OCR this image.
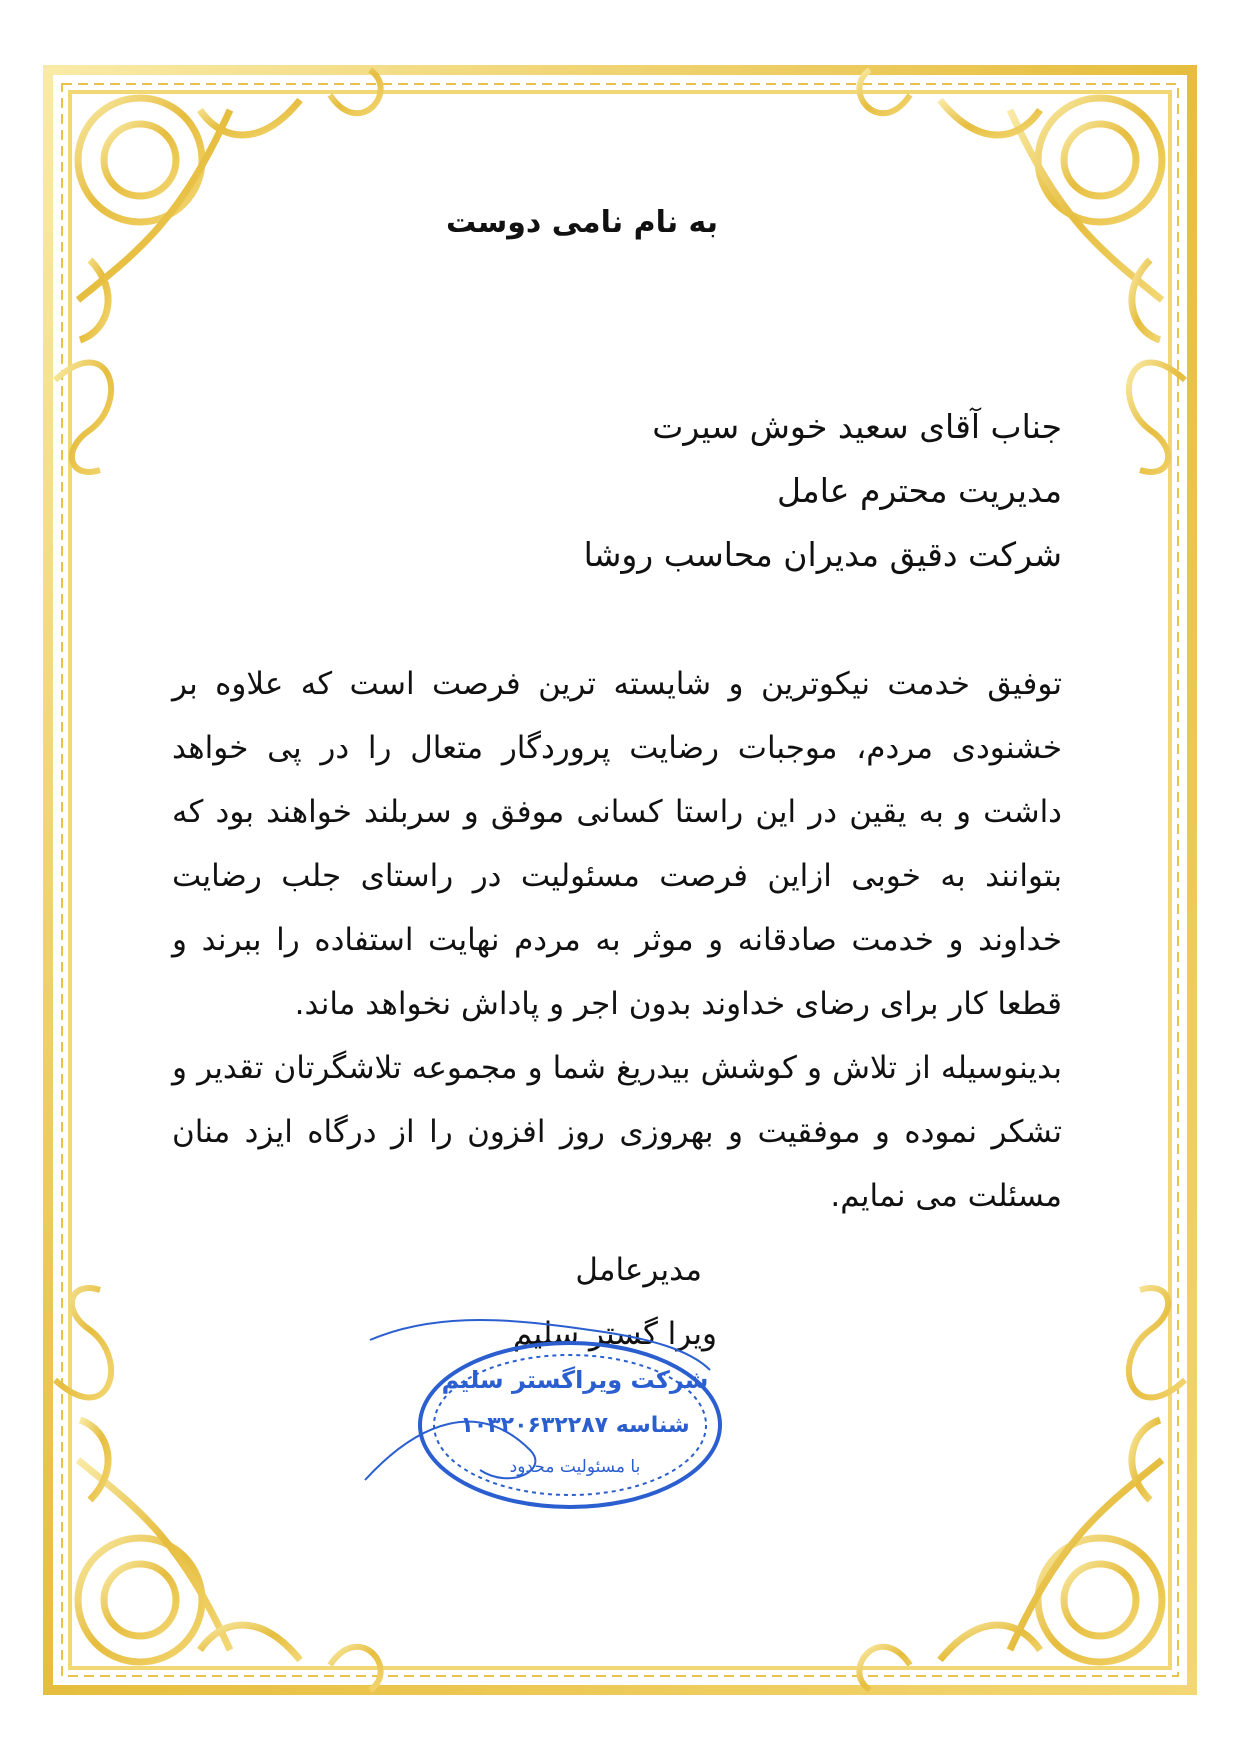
به نام نامی دوست
جناب آقای سعید خوش سیرت
مدیریت محترم عامل
شرکت دقیق مدیران محاسب روشا

توفیق خدمت نیکوترین و شایسته ترین فرصت است که علاوه بر خشنودی مردم، موجبات رضایت پروردگار متعال را در پی خواهد داشت و به یقین در این راستا کسانی موفق و سربلند خواهند بود که بتوانند به خوبی ازاین فرصت مسئولیت در راستای جلب رضایت خداوند و خدمت صادقانه و موثر به مردم نهایت استفاده را ببرند و قطعا کار برای رضای خداوند بدون اجر و پاداش نخواهد ماند.

بدینوسیله از تلاش و کوشش بیدریغ شما و مجموعه تلاشگرتان تقدیر و تشکر نموده و موفقیت و بهروزی روز افزون را از درگاه ایزد منان مسئلت می نمایم.

مدیرعامل
ویرا گستر سلیم
شرکت ویراگستر سلیم
شناسه ۱۰۳۲۰۶۳۲۲۸۷
با مسئولیت محدود
